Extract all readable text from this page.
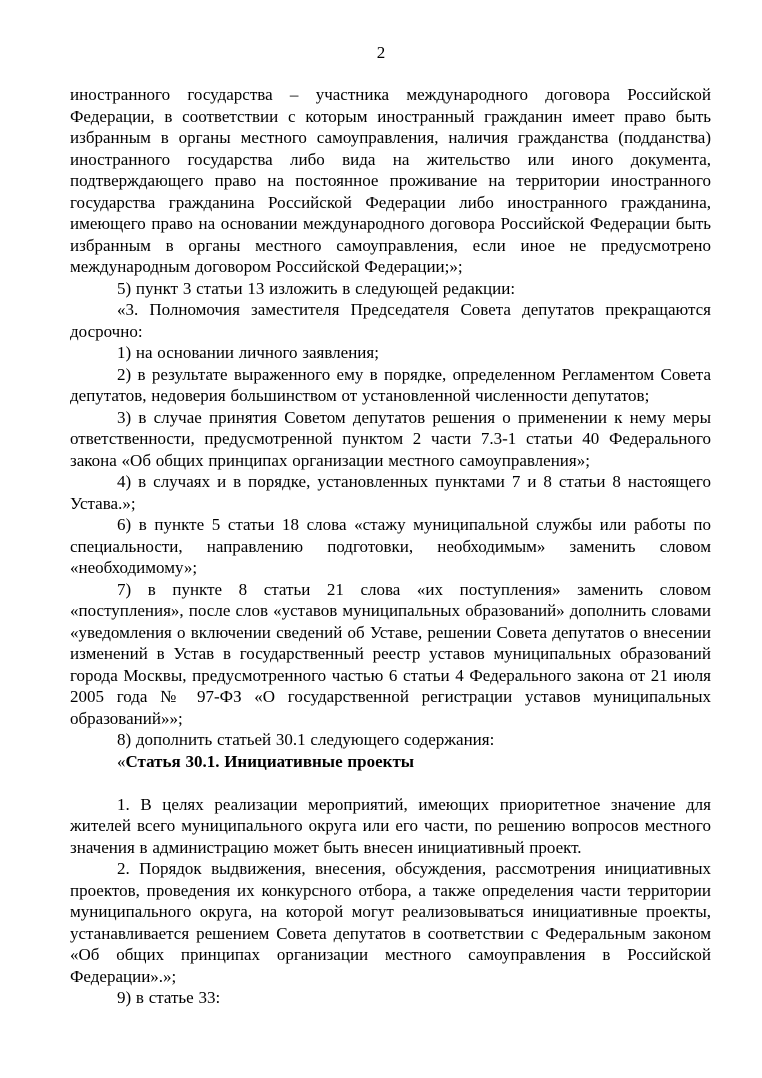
2

иностранного государства – участника международного договора Российской Федерации, в соответствии с которым иностранный гражданин имеет право быть избранным в органы местного самоуправления, наличия гражданства (подданства) иностранного государства либо вида на жительство или иного документа, подтверждающего право на постоянное проживание на территории иностранного государства гражданина Российской Федерации либо иностранного гражданина, имеющего право на основании международного договора Российской Федерации быть избранным в органы местного самоуправления, если иное не предусмотрено международным договором Российской Федерации;»;

5) пункт 3 статьи 13 изложить в следующей редакции:

«3. Полномочия заместителя Председателя Совета депутатов прекращаются досрочно:

1) на основании личного заявления;

2) в результате выраженного ему в порядке, определенном Регламентом Совета депутатов, недоверия большинством от установленной численности депутатов;

3) в случае принятия Советом депутатов решения о применении к нему меры ответственности, предусмотренной пунктом 2 части 7.3-1 статьи 40 Федерального закона «Об общих принципах организации местного самоуправления»;

4) в случаях и в порядке, установленных пунктами 7 и 8 статьи 8 настоящего Устава.»;

6) в пункте 5 статьи 18 слова «стажу муниципальной службы или работы по специальности, направлению подготовки, необходимым» заменить словом «необходимому»;

7) в пункте 8 статьи 21 слова «их поступления» заменить словом «поступления», после слов «уставов муниципальных образований» дополнить словами «уведомления о включении сведений об Уставе, решении Совета депутатов о внесении изменений в Устав в государственный реестр уставов муниципальных образований города Москвы, предусмотренного частью 6 статьи 4 Федерального закона от 21 июля 2005 года № 97-ФЗ «О государственной регистрации уставов муниципальных образований»»;

8) дополнить статьей 30.1 следующего содержания:

«Статья 30.1. Инициативные проекты

1. В целях реализации мероприятий, имеющих приоритетное значение для жителей всего муниципального округа или его части, по решению вопросов местного значения в администрацию может быть внесен инициативный проект.

2. Порядок выдвижения, внесения, обсуждения, рассмотрения инициативных проектов, проведения их конкурсного отбора, а также определения части территории муниципального округа, на которой могут реализовываться инициативные проекты, устанавливается решением Совета депутатов в соответствии с Федеральным законом «Об общих принципах организации местного самоуправления в Российской Федерации».»;

9) в статье 33:
